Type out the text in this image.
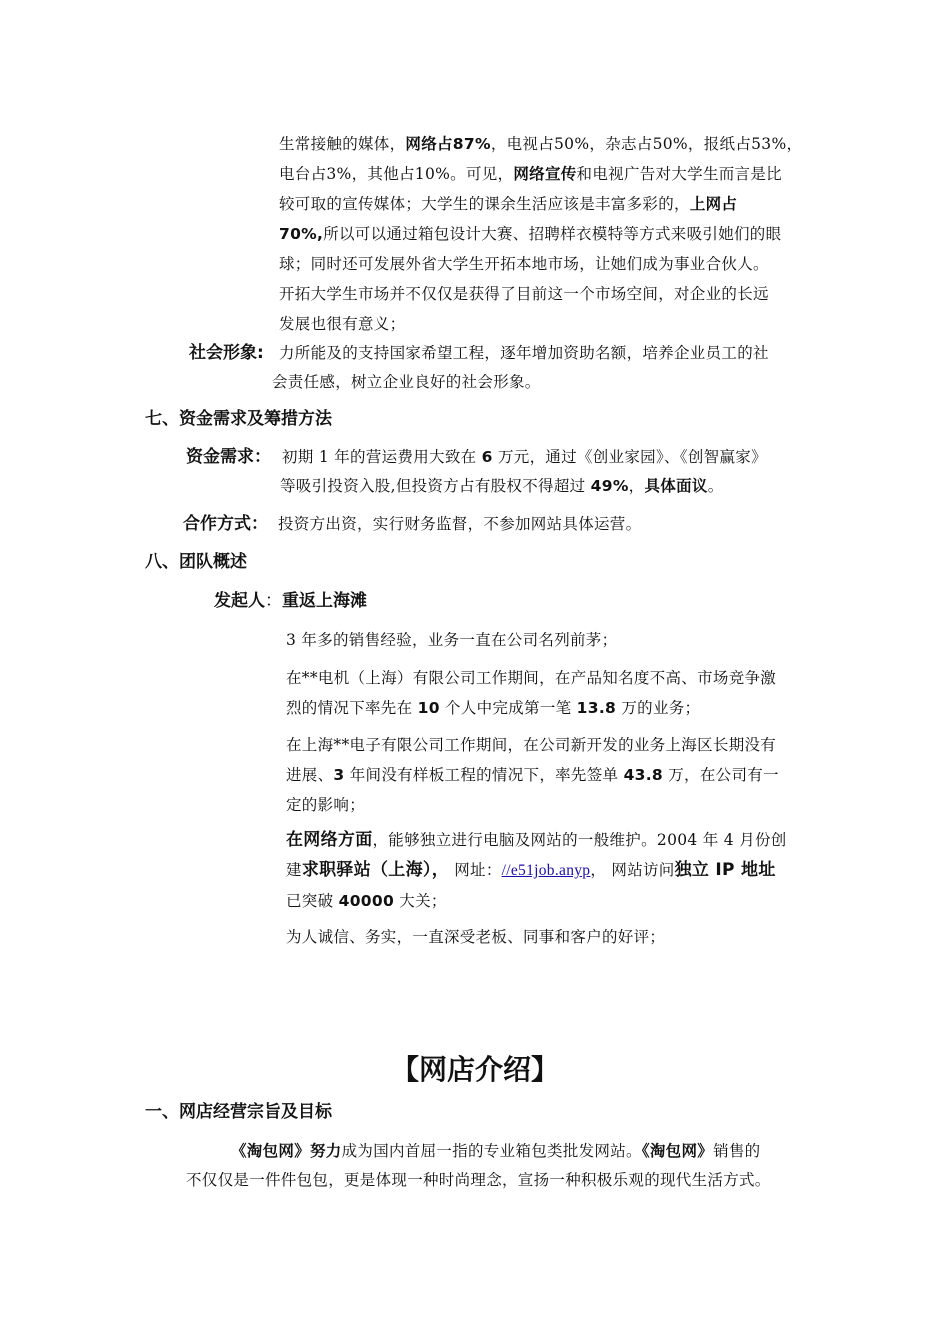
生常接触的媒体，网络占87%，电视占50%，杂志占50%，报纸占53%，

电台占3%，其他占10%。可见，网络宣传和电视广告对大学生而言是比

较可取的宣传媒体；大学生的课余生活应该是丰富多彩的，上网占

70%,所以可以通过箱包设计大赛、招聘样衣模特等方式来吸引她们的眼

球；同时还可发展外省大学生开拓本地市场，让她们成为事业合伙人。

开拓大学生市场并不仅仅是获得了目前这一个市场空间，对企业的长远

发展也很有意义；

社会形象: 力所能及的支持国家希望工程，逐年增加资助名额，培养企业员工的社
会责任感，树立企业良好的社会形象。
七、资金需求及筹措方法
资金需求： 初期 1 年的营运费用大致在 6 万元，通过《创业家园》、《创智赢家》
等吸引投资入股,但投资方占有股权不得超过 49%，具体面议。
合作方式： 投资方出资，实行财务监督，不参加网站具体运营。
八、团队概述
发起人：重返上海滩
3 年多的销售经验，业务一直在公司名列前茅；

在**电机（上海）有限公司工作期间，在产品知名度不高、市场竞争激

烈的情况下率先在 10 个人中完成第一笔 13.8 万的业务；

在上海**电子有限公司工作期间，在公司新开发的业务上海区长期没有

进展、3 年间没有样板工程的情况下，率先签单 43.8 万，在公司有一

定的影响；

在网络方面，能够独立进行电脑及网站的一般维护。2004 年 4 月份创

建求职驿站（上海）， 网址：//e51job.anyp， 网站访问独立 IP 地址

已突破 40000 大关；

为人诚信、务实，一直深受老板、同事和客户的好评；
【网店介绍】
一、网店经营宗旨及目标
《淘包网》努力成为国内首屈一指的专业箱包类批发网站。《淘包网》销售的
不仅仅是一件件包包，更是体现一种时尚理念，宣扬一种积极乐观的现代生活方式。
